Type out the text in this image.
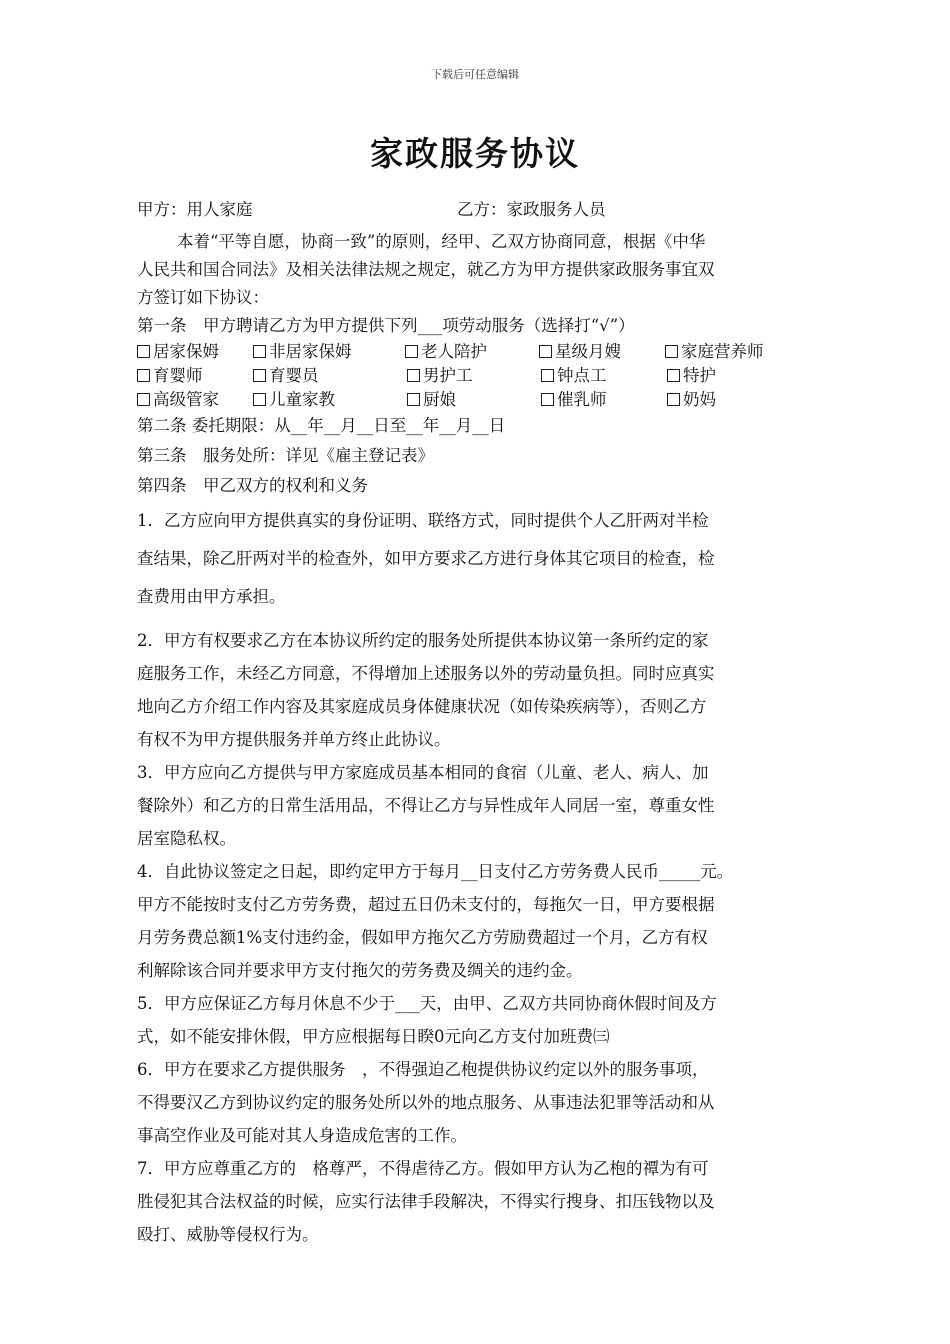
下载后可任意编辑
家政服务协议
甲方：用人家庭	乙方：家政服务人员
本着“平等自愿，协商一致”的原则，经甲、乙双方协商同意，根据《中华
人民共和国合同法》及相关法律法规之规定，就乙方为甲方提供家政服务事宜双
方签订如下协议：
第一条　甲方聘请乙方为甲方提供下列___项劳动服务（选择打“√”）
居家保姆	非居家保姆	老人陪护	星级月嫂	家庭营养师
育婴师	育婴员	男护工	钟点工	特护
高级管家	儿童家教	厨娘	催乳师	奶妈
第二条 委托期限：从__年__月__日至__年__月__日
第三条　服务处所：详见《雇主登记表》
第四条　甲乙双方的权利和义务
1．乙方应向甲方提供真实的身份证明、联络方式，同时提供个人乙肝两对半检
查结果，除乙肝两对半的检查外，如甲方要求乙方进行身体其它项目的检查，检
查费用由甲方承担。
2．甲方有权要求乙方在本协议所约定的服务处所提供本协议第一条所约定的家
庭服务工作，未经乙方同意，不得增加上述服务以外的劳动量负担。同时应真实
地向乙方介绍工作内容及其家庭成员身体健康状况（如传染疾病等），否则乙方
有权不为甲方提供服务并单方终止此协议。
3．甲方应向乙方提供与甲方家庭成员基本相同的食宿（儿童、老人、病人、加
餐除外）和乙方的日常生活用品，不得让乙方与异性成年人同居一室，尊重女性
居室隐私权。
4．自此协议签定之日起，即约定甲方于每月__日支付乙方劳务费人民币_____元。
甲方不能按时支付乙方劳务费，超过五日仍未支付的，每拖欠一日，甲方要根据
月劳务费总额1%支付违约金，假如甲方拖欠乙方劳励费超过一个月，乙方有权
利解除该合同并要求甲方支付拖欠的劳务费及绸关的违约金。
5．甲方应保证乙方每月休息不少于___天，由甲、乙双方共同协商休假时间及方
式，如不能安排休假，甲方应根据每日睽0元向乙方支付加班费㈢
6．甲方在要求乙方提供服务　，不得强迫乙枹提供协议约定以外的服务事项，
不得要汉乙方到协议约定的服务处所以外的地点服务、从事违法犯罪等活动和从
事高空作业及可能对其人身造成危害的工作。
7．甲方应尊重乙方的　格尊严，不得虐待乙方。假如甲方认为乙枹的禫为有可
胜侵犯其合法权益的时候，应实行法律手段解决，不得实行搜身、扣压钱物以及
殴打、威胁等侵权行为。
